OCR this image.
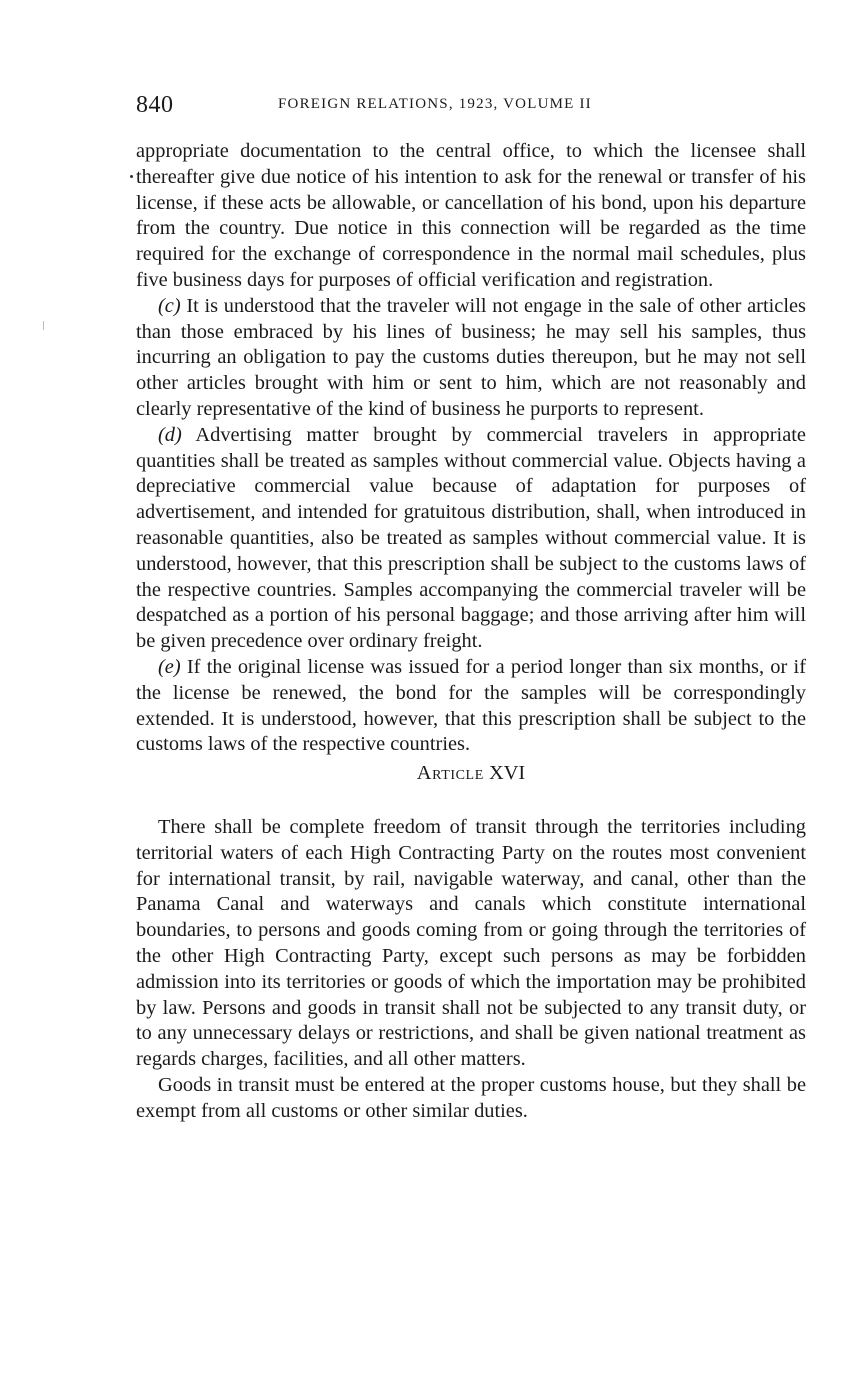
840	FOREIGN RELATIONS, 1923, VOLUME II

appropriate documentation to the central office, to which the licensee shall thereafter give due notice of his intention to ask for the renewal or transfer of his license, if these acts be allowable, or cancellation of his bond, upon his departure from the country. Due notice in this connection will be regarded as the time required for the exchange of correspondence in the normal mail schedules, plus five business days for purposes of official verification and registration.

(c) It is understood that the traveler will not engage in the sale of other articles than those embraced by his lines of business; he may sell his samples, thus incurring an obligation to pay the customs duties thereupon, but he may not sell other articles brought with him or sent to him, which are not reasonably and clearly representative of the kind of business he purports to represent.

(d) Advertising matter brought by commercial travelers in appropriate quantities shall be treated as samples without commercial value. Objects having a depreciative commercial value because of adaptation for purposes of advertisement, and intended for gratuitous distribution, shall, when introduced in reasonable quantities, also be treated as samples without commercial value. It is understood, however, that this prescription shall be subject to the customs laws of the respective countries. Samples accompanying the commercial traveler will be despatched as a portion of his personal baggage; and those arriving after him will be given precedence over ordinary freight.

(e) If the original license was issued for a period longer than six months, or if the license be renewed, the bond for the samples will be correspondingly extended. It is understood, however, that this prescription shall be subject to the customs laws of the respective countries.

Article XVI

There shall be complete freedom of transit through the territories including territorial waters of each High Contracting Party on the routes most convenient for international transit, by rail, navigable waterway, and canal, other than the Panama Canal and waterways and canals which constitute international boundaries, to persons and goods coming from or going through the territories of the other High Contracting Party, except such persons as may be forbidden admission into its territories or goods of which the importation may be prohibited by law. Persons and goods in transit shall not be subjected to any transit duty, or to any unnecessary delays or restrictions, and shall be given national treatment as regards charges, facilities, and all other matters.

Goods in transit must be entered at the proper customs house, but they shall be exempt from all customs or other similar duties.
